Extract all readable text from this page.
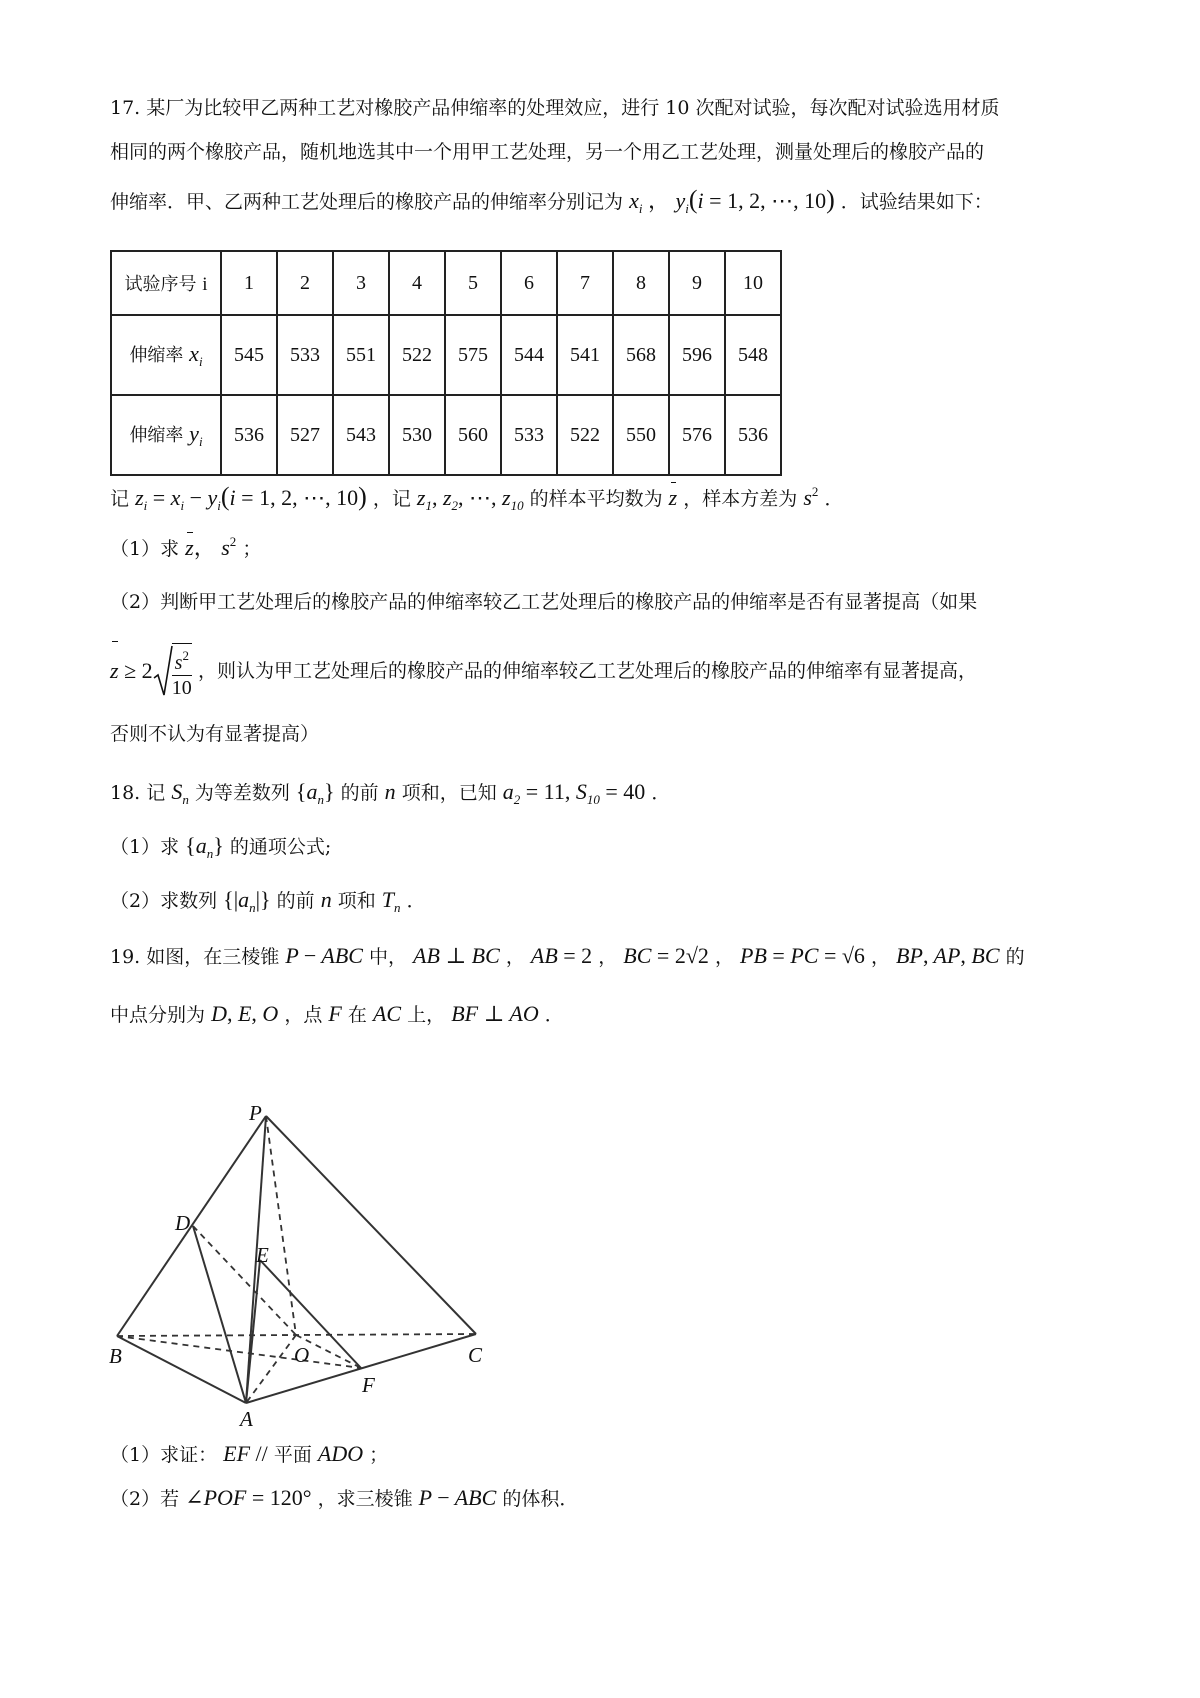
17. 某厂为比较甲乙两种工艺对橡胶产品伸缩率的处理效应，进行 10 次配对试验，每次配对试验选用材质
相同的两个橡胶产品，随机地选其中一个用甲工艺处理，另一个用乙工艺处理，测量处理后的橡胶产品的
伸缩率．甲、乙两种工艺处理后的橡胶产品的伸缩率分别记为 $x_i$ ， $y_i(i = 1$, 2, ⋯, 10) ．试验结果如下：
试验序号 i	1	2	3	4	5	6	7	8	9	10
伸缩率 $x_i$	545	533	551	522	575	544	541	568	596	548
伸缩率 $y_i$	536	527	543	530	560	533	522	550	576	536
记 $z_i = x_i - y_i(i = 1$, 2, ⋯, 10) ，记 $z_1$, $z_2$, ⋯, $z_{10}$ 的样本平均数为 z ，样本方差为 $s^2$ ．
（1）求 z， $s^2$ ；
（2）判断甲工艺处理后的橡胶产品的伸缩率较乙工艺处理后的橡胶产品的伸缩率是否有显著提高（如果
$z \ge 2 \frac{s^2}{10}$ ，则认为甲工艺处理后的橡胶产品的伸缩率较乙工艺处理后的橡胶产品的伸缩率有显著提高，
否则不认为有显著提高）
18. 记 $S_n$ 为等差数列 $\{a_n\}$ 的前 n 项和，已知 $a_2 = 11$, $S_{10} = 40$ ．
（1）求 $\{a_n\}$ 的通项公式;
（2）求数列 $\{|a_n|\}$ 的前 n 项和 $T_n$ ．
19. 如图，在三棱锥 P − ABC 中， AB ⊥ BC ， AB = 2 ， BC = 2√2 ， PB = PC = √6 ， BP, AP, BC 的
中点分别为 D, E, O ，点 F 在 AC 上， BF ⊥ AO ．
P
D
E
B	O	C
F
A
（1）求证： EF // 平面 ADO ；
（2）若 ∠POF = 120° ，求三棱锥 P − ABC 的体积．
